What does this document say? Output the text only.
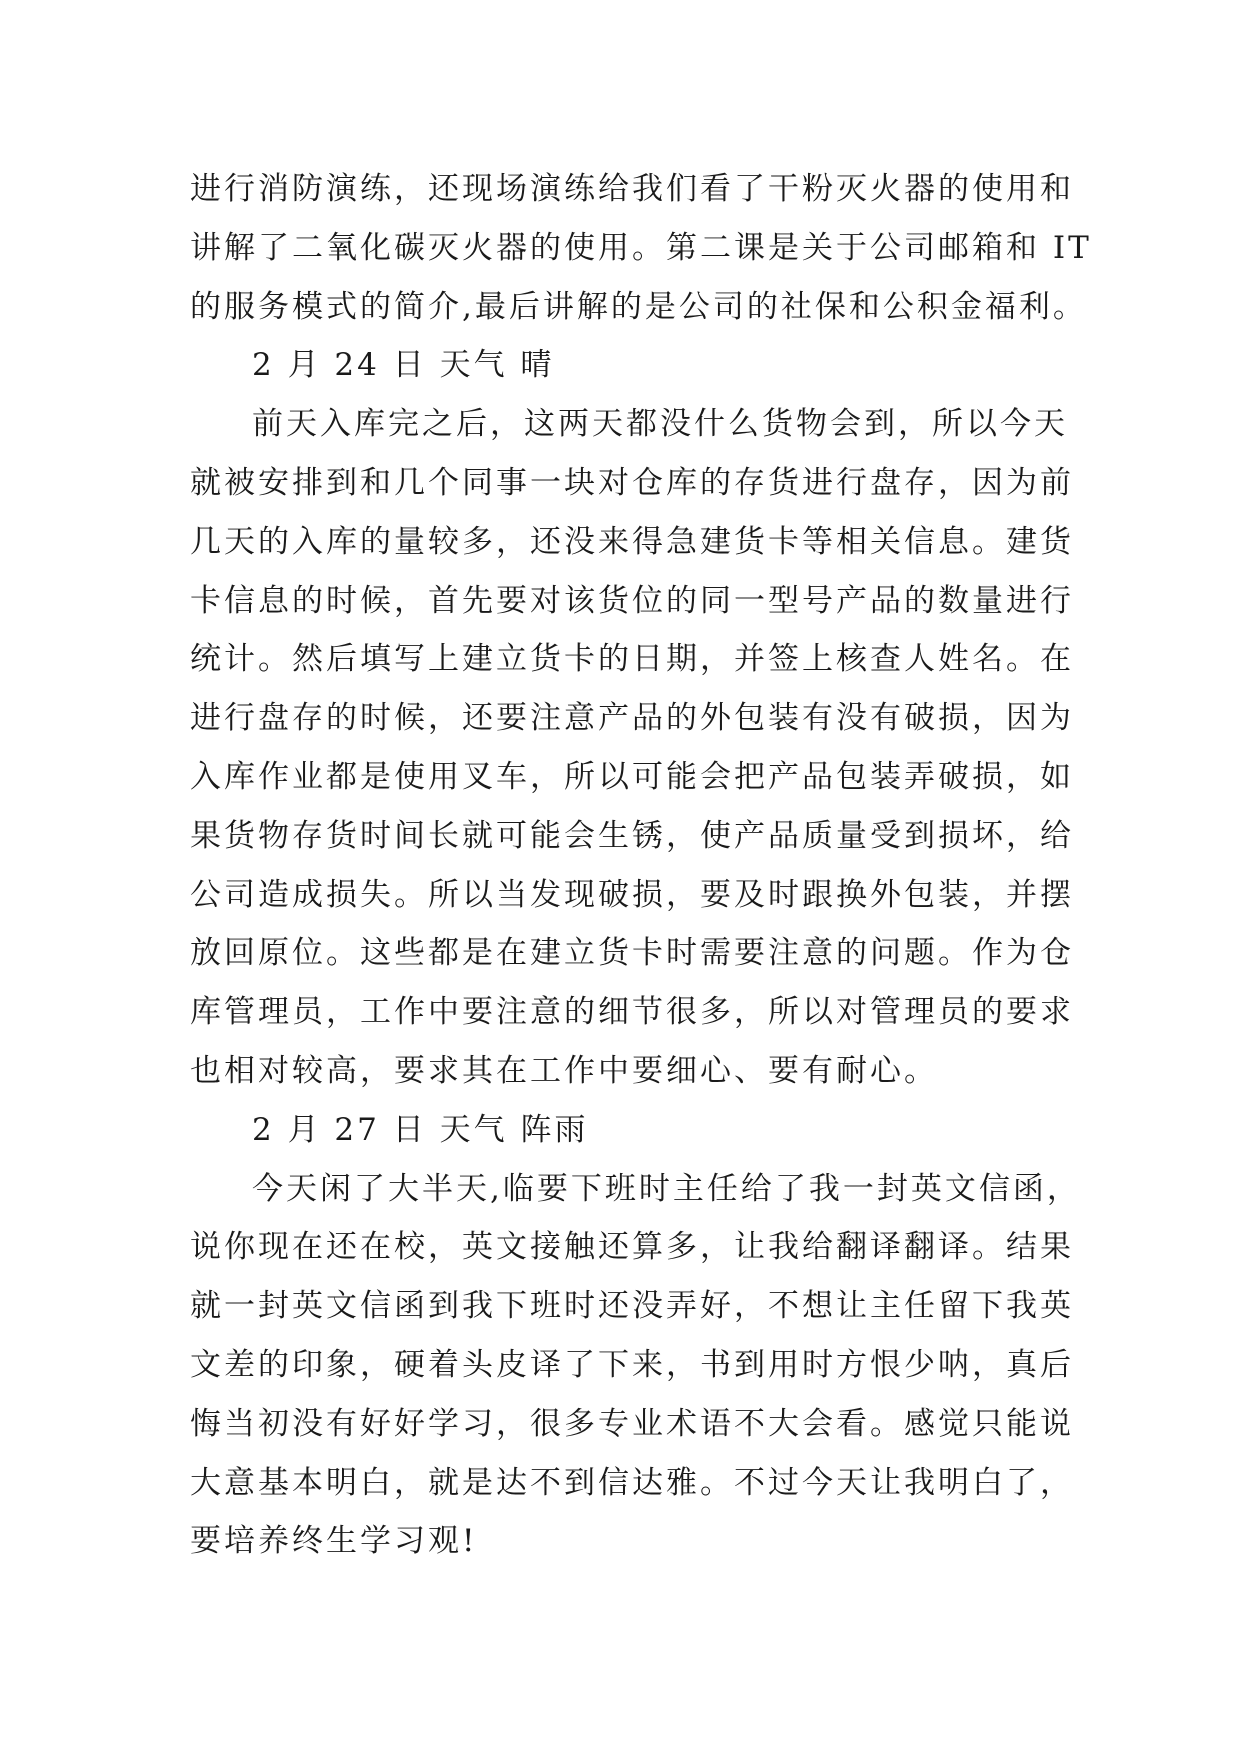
进行消防演练，还现场演练给我们看了干粉灭火器的使用和
讲解了二氧化碳灭火器的使用。第二课是关于公司邮箱和 IT
的服务模式的简介,最后讲解的是公司的社保和公积金福利。
2 月 24 日 天气 晴
前天入库完之后，这两天都没什么货物会到，所以今天
就被安排到和几个同事一块对仓库的存货进行盘存，因为前
几天的入库的量较多，还没来得急建货卡等相关信息。建货
卡信息的时候，首先要对该货位的同一型号产品的数量进行
统计。然后填写上建立货卡的日期，并签上核查人姓名。在
进行盘存的时候，还要注意产品的外包装有没有破损，因为
入库作业都是使用叉车，所以可能会把产品包装弄破损，如
果货物存货时间长就可能会生锈，使产品质量受到损坏，给
公司造成损失。所以当发现破损，要及时跟换外包装，并摆
放回原位。这些都是在建立货卡时需要注意的问题。作为仓
库管理员，工作中要注意的细节很多，所以对管理员的要求
也相对较高，要求其在工作中要细心、要有耐心。
2 月 27 日 天气 阵雨
今天闲了大半天,临要下班时主任给了我一封英文信函，
说你现在还在校，英文接触还算多，让我给翻译翻译。结果
就一封英文信函到我下班时还没弄好，不想让主任留下我英
文差的印象，硬着头皮译了下来，书到用时方恨少呐，真后
悔当初没有好好学习，很多专业术语不大会看。感觉只能说
大意基本明白，就是达不到信达雅。不过今天让我明白了，
要培养终生学习观!
